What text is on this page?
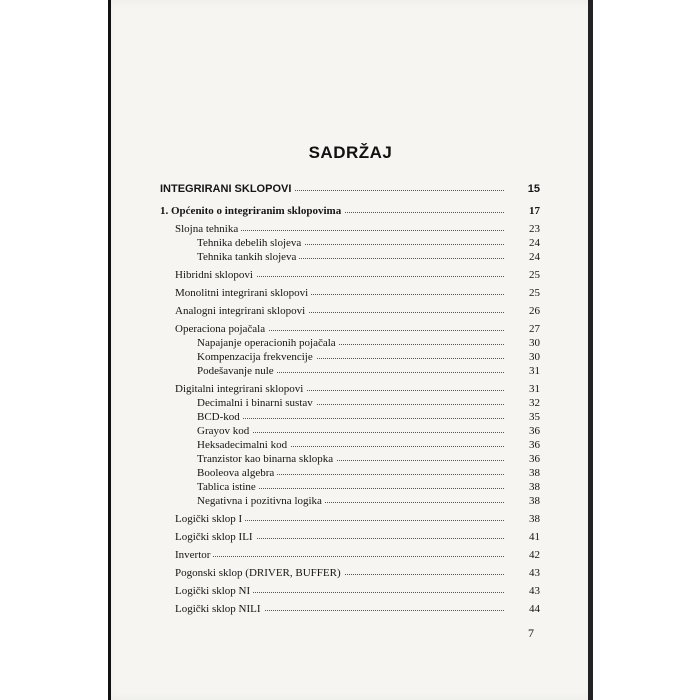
SADRŽAJ
INTEGRIRANI SKLOPOVI	15
1. Općenito o integriranim sklopovima	17
Slojna tehnika	23
Tehnika debelih slojeva	24
Tehnika tankih slojeva	24
Hibridni sklopovi	25
Monolitni integrirani sklopovi	25
Analogni integrirani sklopovi	26
Operaciona pojačala	27
Napajanje operacionih pojačala	30
Kompenzacija frekvencije	30
Podešavanje nule	31
Digitalni integrirani sklopovi	31
Decimalni i binarni sustav	32
BCD-kod	35
Grayov kod	36
Heksadecimalni kod	36
Tranzistor kao binarna sklopka	36
Booleova algebra	38
Tablica istine	38
Negativna i pozitivna logika	38
Logički sklop I	38
Logički sklop ILI	41
Invertor	42
Pogonski sklop (DRIVER, BUFFER)	43
Logički sklop NI	43
Logički sklop NILI	44
7
